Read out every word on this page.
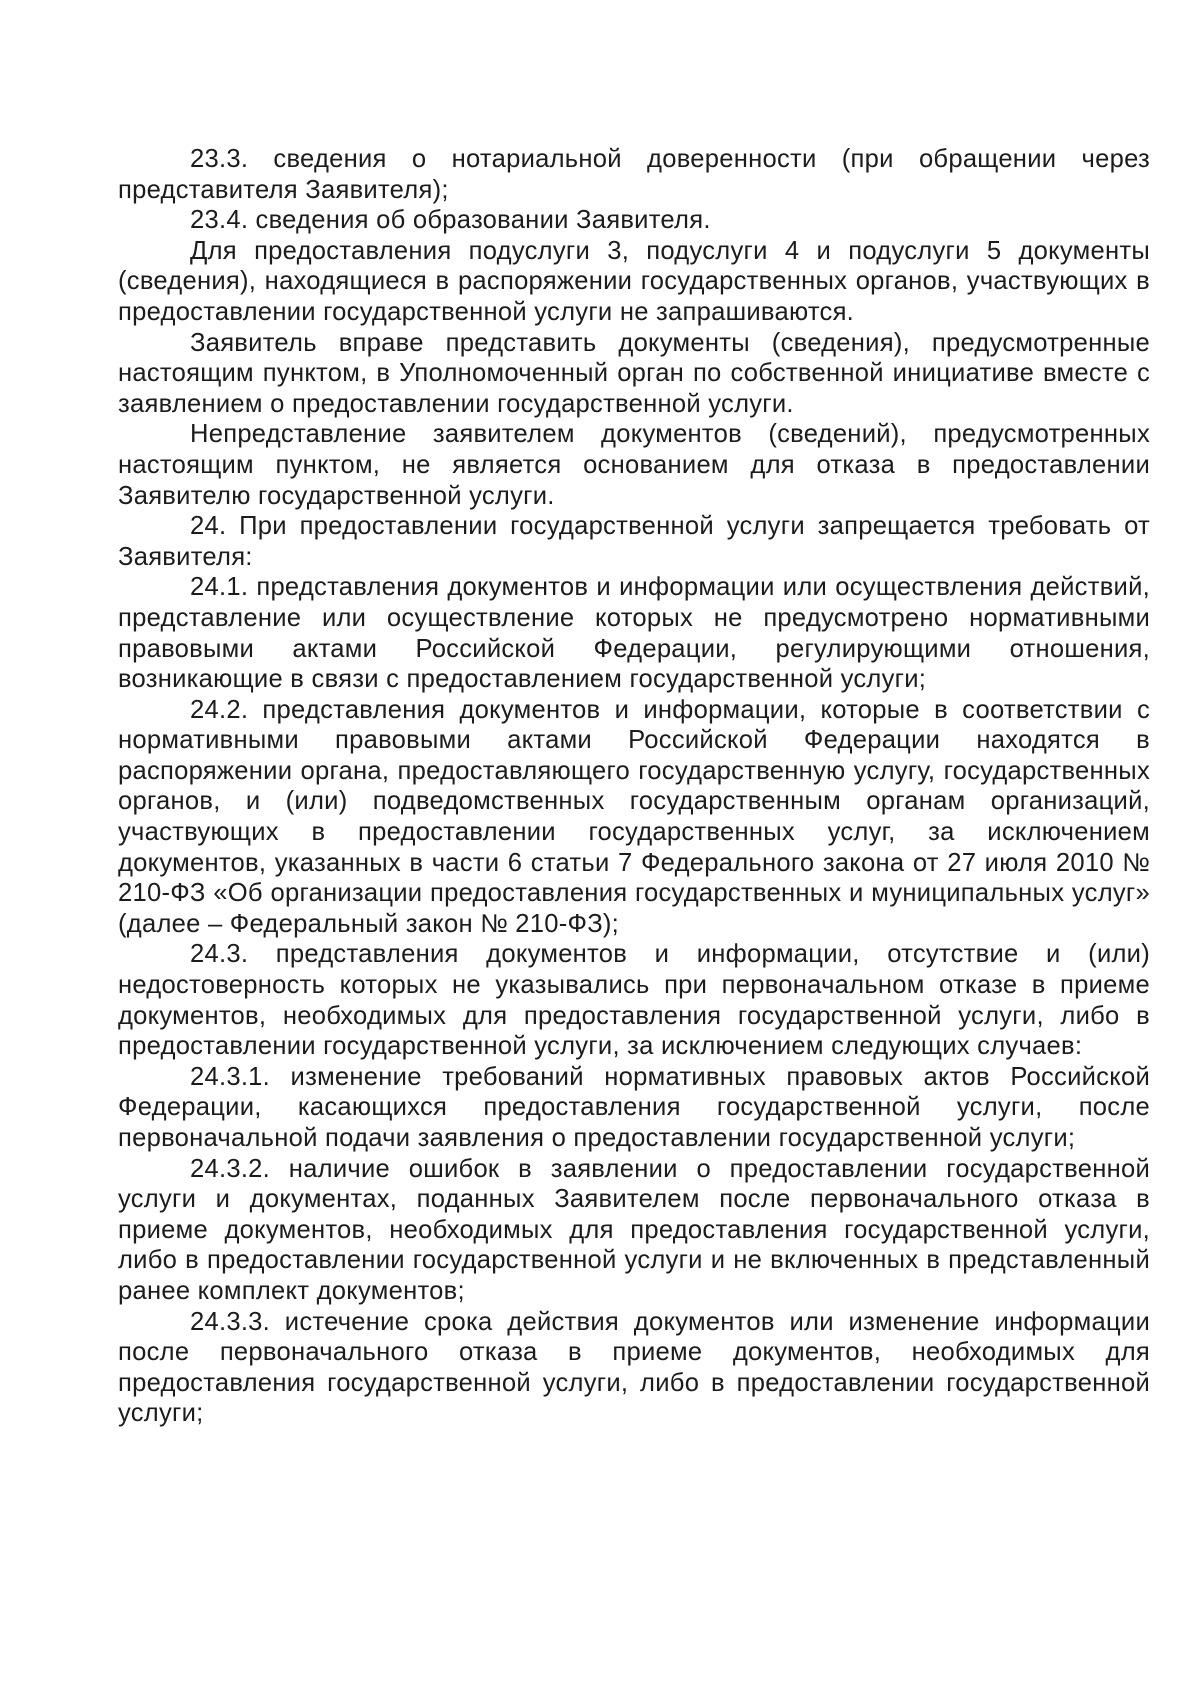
23.3. сведения о нотариальной доверенности (при обращении через представителя Заявителя);

23.4. сведения об образовании Заявителя.

Для предоставления подуслуги 3, подуслуги 4 и подуслуги 5 документы (сведения), находящиеся в распоряжении государственных органов, участвующих в предоставлении государственной услуги не запрашиваются.

Заявитель вправе представить документы (сведения), предусмотренные настоящим пунктом, в Уполномоченный орган по собственной инициативе вместе с заявлением о предоставлении государственной услуги.

Непредставление заявителем документов (сведений), предусмотренных настоящим пунктом, не является основанием для отказа в предоставлении Заявителю государственной услуги.

24. При предоставлении государственной услуги запрещается требовать от Заявителя:

24.1. представления документов и информации или осуществления действий, представление или осуществление которых не предусмотрено нормативными правовыми актами Российской Федерации, регулирующими отношения, возникающие в связи с предоставлением государственной услуги;

24.2. представления документов и информации, которые в соответствии с нормативными правовыми актами Российской Федерации находятся в распоряжении органа, предоставляющего государственную услугу, государственных органов, и (или) подведомственных государственным органам организаций, участвующих в предоставлении государственных услуг, за исключением документов, указанных в части 6 статьи 7 Федерального закона от 27 июля 2010 № 210-ФЗ «Об организации предоставления государственных и муниципальных услуг» (далее – Федеральный закон № 210-ФЗ);

24.3. представления документов и информации, отсутствие и (или) недостоверность которых не указывались при первоначальном отказе в приеме документов, необходимых для предоставления государственной услуги, либо в предоставлении государственной услуги, за исключением следующих случаев:

24.3.1. изменение требований нормативных правовых актов Российской Федерации, касающихся предоставления государственной услуги, после первоначальной подачи заявления о предоставлении государственной услуги;

24.3.2. наличие ошибок в заявлении о предоставлении государственной услуги и документах, поданных Заявителем после первоначального отказа в приеме документов, необходимых для предоставления государственной услуги, либо в предоставлении государственной услуги и не включенных в представленный ранее комплект документов;

24.3.3. истечение срока действия документов или изменение информации после первоначального отказа в приеме документов, необходимых для предоставления государственной услуги, либо в предоставлении государственной услуги;
